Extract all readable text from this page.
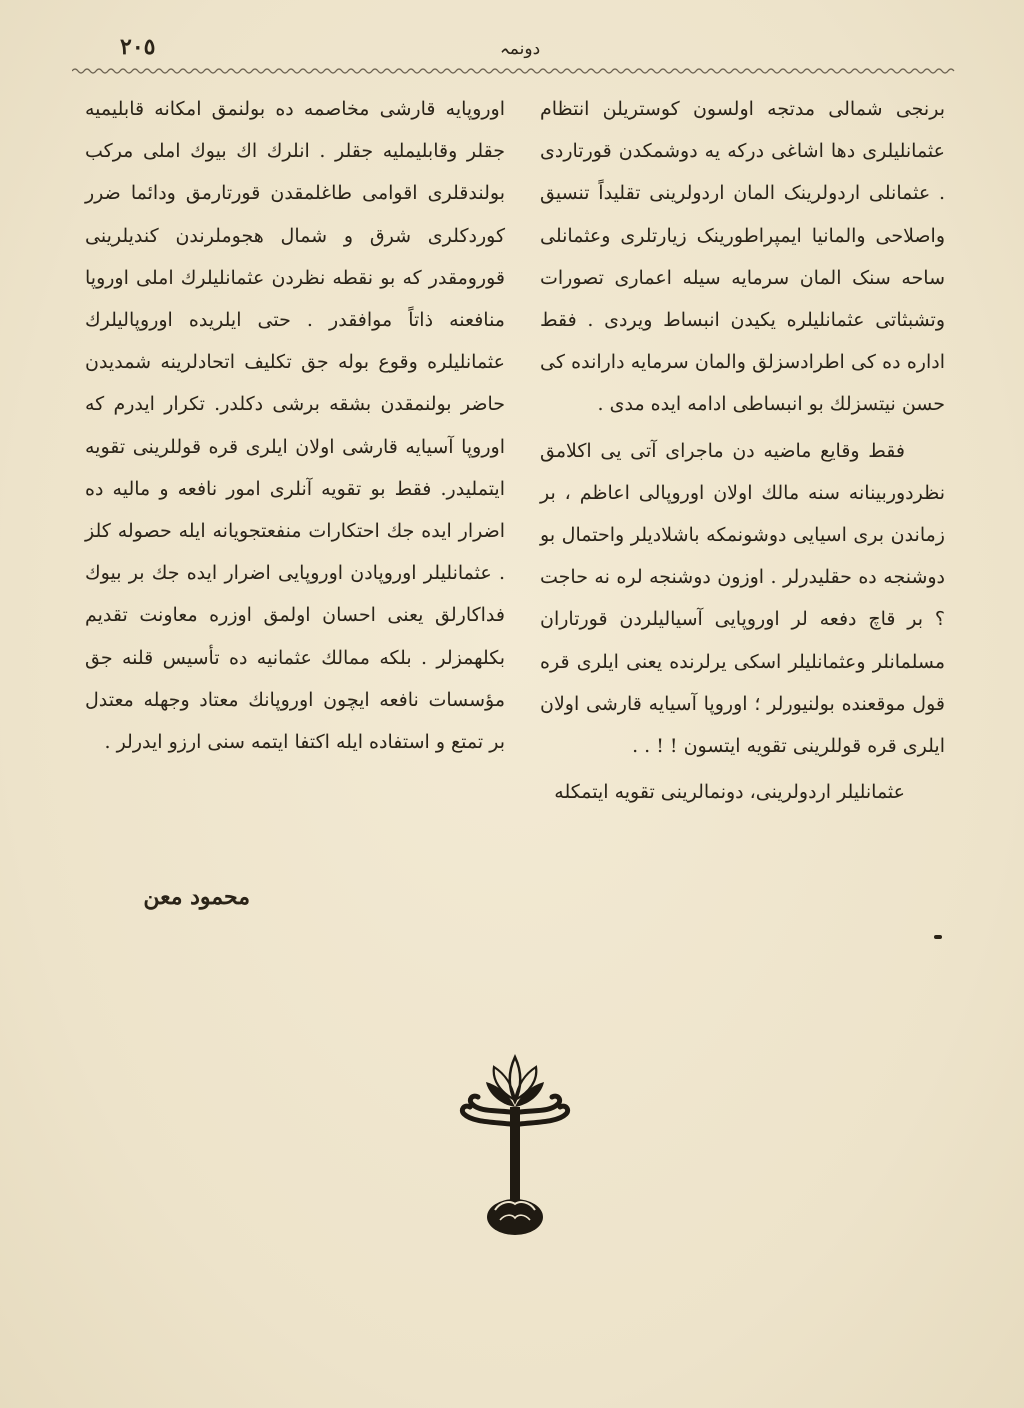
٢٠٥	دونمہ

برنجی شمالی مدتجه اولسون کوستریلن انتظام عثمانلیلری دها اشاغی درکه یه دوشمکدن قورتاردی . عثمانلی اردولرینک المان اردولرینی تقلیداً تنسیق واصلاحی والمانیا ایمپراطورینک زیارتلری وعثمانلی ساحه سنک المان سرمایه سیله اعماری تصورات وتشبثاتی عثمانلیلره یکیدن انبساط ویردی . فقط اداره ده کی اطرادسزلق والمان سرمایه دارانده کی حسن نیتسزلك بو انبساطی ادامه ایده مدی .

فقط وقایع ماضیه دن ماجرای آتی یی اکلامق نظردوربینانه سنه مالك اولان اوروپالی اعاظم ، بر زماندن بری اسیایی دوشونمکه باشلادیلر واحتمال بو دوشنجه ده حقلیدرلر . اوزون دوشنجه لره نه حاجت ؟ بر قاچ دفعه لر اوروپایی آسیالیلردن قورتاران مسلمانلر وعثمانلیلر اسکی یرلرنده یعنی ایلری قره قول موقعنده بولنیورلر ؛ اوروپا آسیایه قارشی اولان ایلری قره قوللرینی تقویه ایتسون ! ! . .

عثمانلیلر اردولرینی، دونمالرینی تقویه ایتمکله

اوروپایه قارشی مخاصمه ده بولنمق امکانه قابلیمیه جقلر وقابلیملیه جقلر . انلرك اك بیوك املی مرکب بولندقلری اقوامی طاغلمقدن قورتارمق ودائما ضرر کوردکلری شرق و شمال هجوملرندن کندیلرینی قورومقدر که بو نقطه نظردن عثمانلیلرك املی اوروپا منافعنه ذاتاً موافقدر . حتی ایلریده اوروپالیلرك عثمانلیلره وقوع بوله جق تکلیف اتحادلرینه شمدیدن حاضر بولنمقدن بشقه برشی دکلدر. تکرار ایدرم که اوروپا آسیایه قارشی اولان ایلری قره قوللرینی تقویه ایتملیدر. فقط بو تقویه آنلری امور نافعه و مالیه ده اضرار ایده جك احتکارات منفعتجویانه ایله حصوله کلز . عثمانلیلر اوروپادن اوروپایی اضرار ایده جك بر بیوك فداکارلق یعنی احسان اولمق اوزره معاونت تقدیم بکلهمزلر . بلکه ممالك عثمانیه ده تأسیس قلنه جق مؤسسات نافعه ایچون اوروپانك معتاد وجهله معتدل بر تمتع و استفاده ایله اکتفا ایتمه سنی ارزو ایدرلر .

محمود معن
